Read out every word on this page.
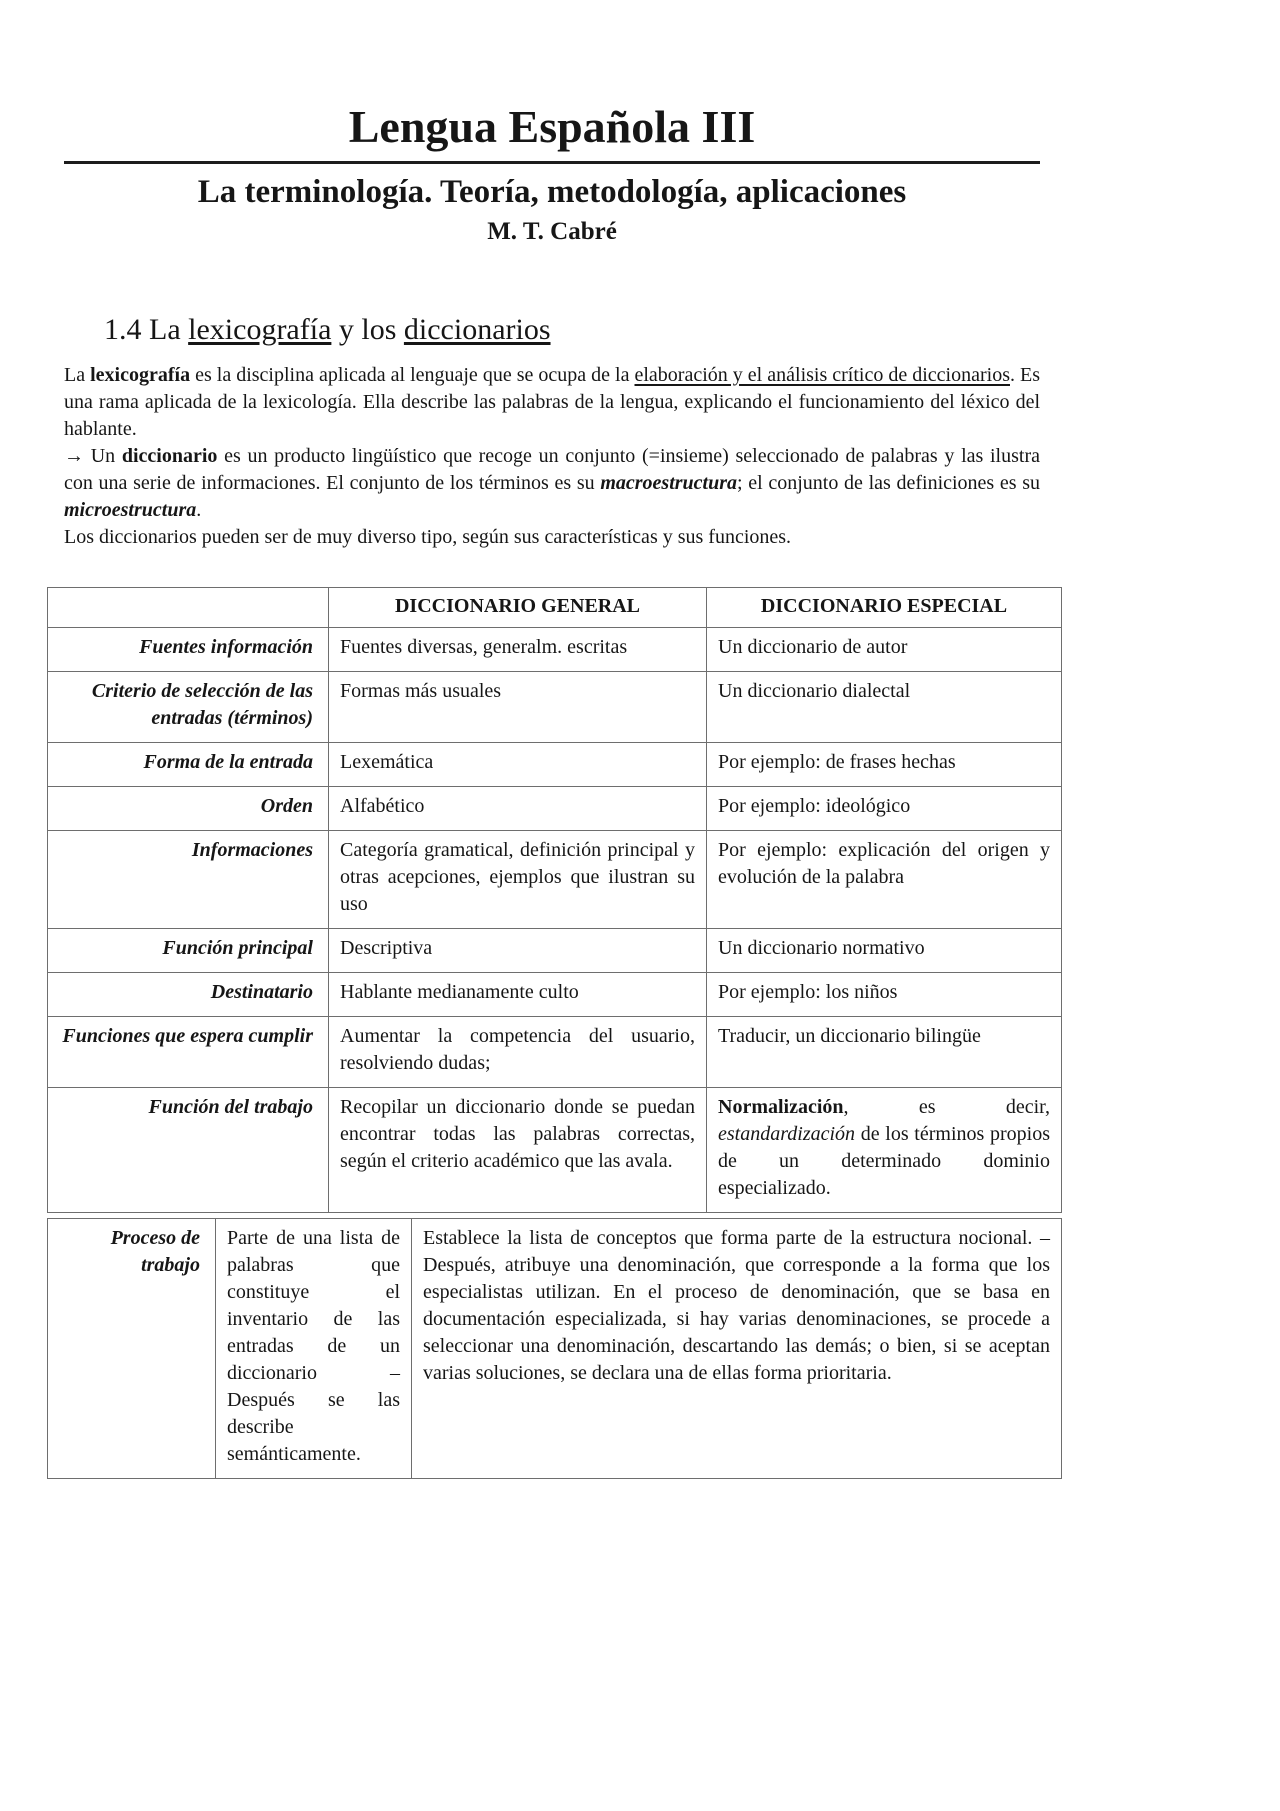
Lengua Española III
La terminología. Teoría, metodología, aplicaciones
M. T. Cabré
1.4 La lexicografía y los diccionarios

La lexicografía es la disciplina aplicada al lenguaje que se ocupa de la elaboración y el análisis crítico de diccionarios. Es una rama aplicada de la lexicología. Ella describe las palabras de la lengua, explicando el funcionamiento del léxico del hablante.

→ Un diccionario es un producto lingüístico que recoge un conjunto (=insieme) seleccionado de palabras y las ilustra con una serie de informaciones. El conjunto de los términos es su macroestructura; el conjunto de las definiciones es su microestructura.

Los diccionarios pueden ser de muy diverso tipo, según sus características y sus funciones.

	DICCIONARIO GENERAL	DICCIONARIO ESPECIAL
Fuentes información	Fuentes diversas, generalm. escritas	Un diccionario de autor
Criterio de selección de las entradas (términos)	Formas más usuales	Un diccionario dialectal
Forma de la entrada	Lexemática	Por ejemplo: de frases hechas
Orden	Alfabético	Por ejemplo: ideológico
Informaciones	Categoría gramatical, definición principal y otras acepciones, ejemplos que ilustran su uso	Por ejemplo: explicación del origen y evolución de la palabra
Función principal	Descriptiva	Un diccionario normativo
Destinatario	Hablante medianamente culto	Por ejemplo: los niños
Funciones que espera cumplir	Aumentar la competencia del usuario, resolviendo dudas;	Traducir, un diccionario bilingüe
Función del trabajo	Recopilar un diccionario donde se puedan encontrar todas las palabras correctas, según el criterio académico que las avala.	Normalización, es decir, estandardización de los términos propios de un determinado dominio especializado.
Proceso de trabajo	Parte de una lista de palabras que constituye el inventario de las entradas de un diccionario – Después se las describe semánticamente.	Establece la lista de conceptos que forma parte de la estructura nocional. – Después, atribuye una denominación, que corresponde a la forma que los especialistas utilizan. En el proceso de denominación, que se basa en documentación especializada, si hay varias denominaciones, se procede a seleccionar una denominación, descartando las demás; o bien, si se aceptan varias soluciones, se declara una de ellas forma prioritaria.
